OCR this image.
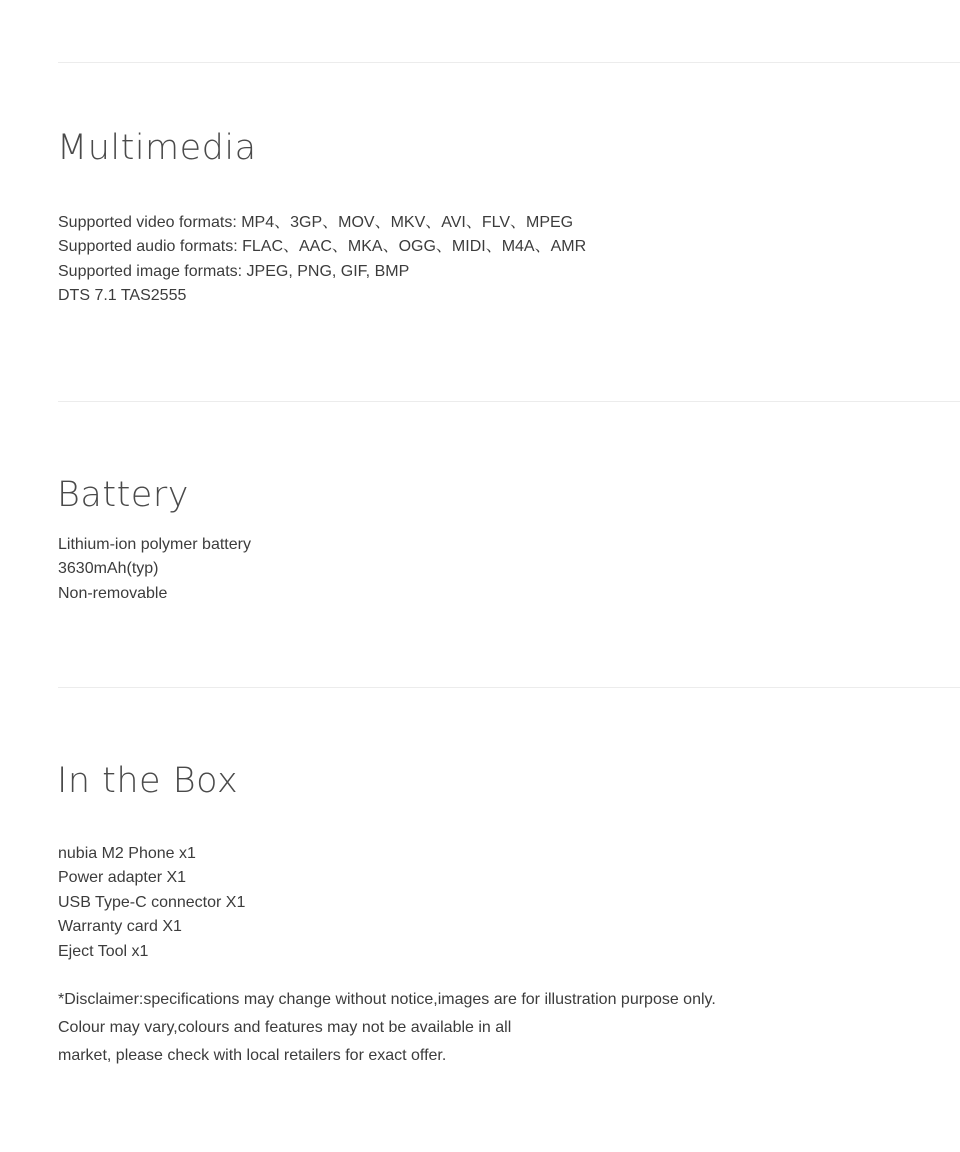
Multimedia
Supported video formats: MP4、3GP、MOV、MKV、AVI、FLV、MPEG
Supported audio formats: FLAC、AAC、MKA、OGG、MIDI、M4A、AMR
Supported image formats: JPEG, PNG, GIF, BMP
DTS 7.1 TAS2555
Battery
Lithium-ion polymer battery
3630mAh(typ)
Non-removable
In the Box
nubia M2 Phone x1
Power adapter X1
USB Type-C connector X1
Warranty card X1
Eject Tool x1
*Disclaimer:specifications may change without notice,images are for illustration purpose only.
Colour may vary,colours and features may not be available in all
market, please check with local retailers for exact offer.
